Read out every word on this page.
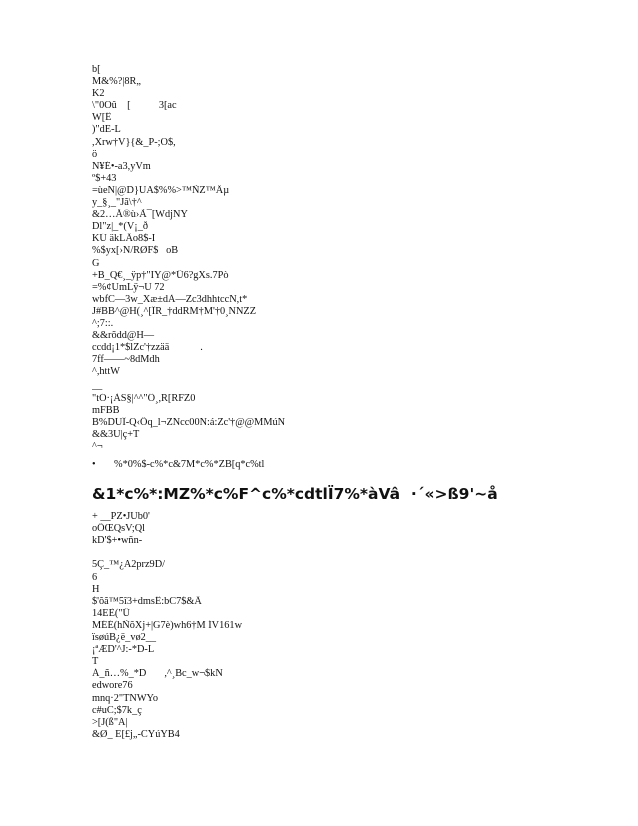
b[
M&%?|8R„
K2
\"0Oû    [           3[ac
W[Ê
)"dE-L
,Xrw†V}{&_P-;O$,
ö
N¥É•-a3,yVm
º$+43
=ùeN|@D}UA$%%>™ÑZ™Äµ
y_§¸_"Jã\†^
&2…Å®ù›Ã¯[WdjNY
Dl"z|_*(V¡_ð
KÚ äkLÄo8$-I
%$yx[›N/RØF$   oB
G
+B_Q€¸_ÿp†"IY@*Ü6?gXs.7Pò
=%¢UmLÿ¬U 72
wbfC—3w_Xæ±dÀ—Zc3dhhtccN,t*
J#BB^@H(¸^[ÎR_†ddRM†M'†0¸NNZZ
^;7::.
&&rõdd@H—
ccdd¡1*$lZc'†zzää            .
7ff——~8dMdh
^,httW
__
"tÓ·¡ÀS§|^^"Ô¸,R[RFZ0
mFBB
B%DUÎ-Q‹Öq_l¬ZNcc00N:á:Zc'†@@MMúN
&&3U|ç+T
^¬
•	%*0%$-c%*c&7M*c%*ZB[q*c%tl
&1*c%*:MZ%*c%F^c%*cdtlÏ7%*àVâ  ·´«>ß9'~å
+ __PZ•JUb0'
oÖŒQsV;Ql
kD'$+•wñn-
5Ç_™¿A2prz9D/
6
H
$'õã™5î3+dmsÊ:bC7$&Ä
14EÈ("Ü
MÉÉ(hÑõXj+|G7è)wh6†M ÍV161w
ïsøúB¿ë_vø2__
¡ªÆD'^J:-*D-L
T
Á_ñ…%_*D       ,^¸Bc_w¬$kN
edwore76
mnq·2"TNWYo
c#uC;$7k_ç
>[J(ß"A|
&Ø_ E[£j„-CYúYB4
